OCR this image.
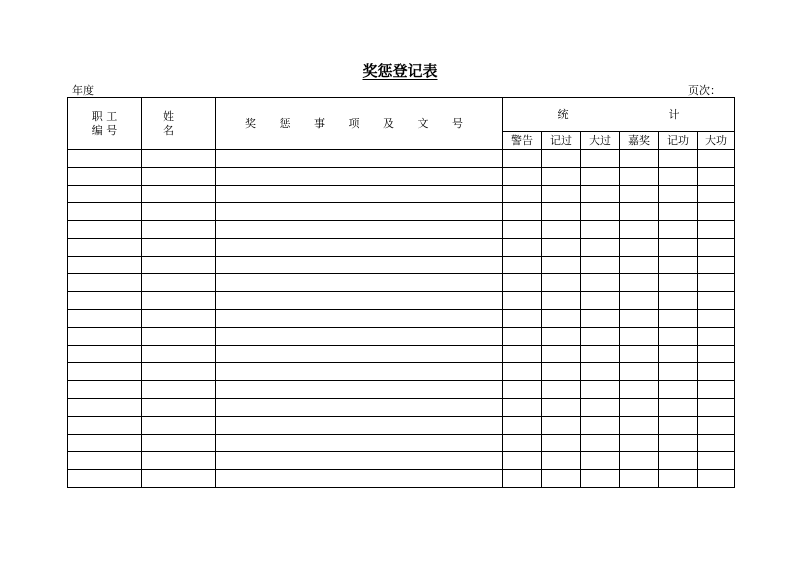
奖惩登记表
年度	页次：
职 工
编 号	姓 名	奖 惩 事 项 及 文 号	统 计					
			警告	记过	大过	嘉奖	记功	大功
